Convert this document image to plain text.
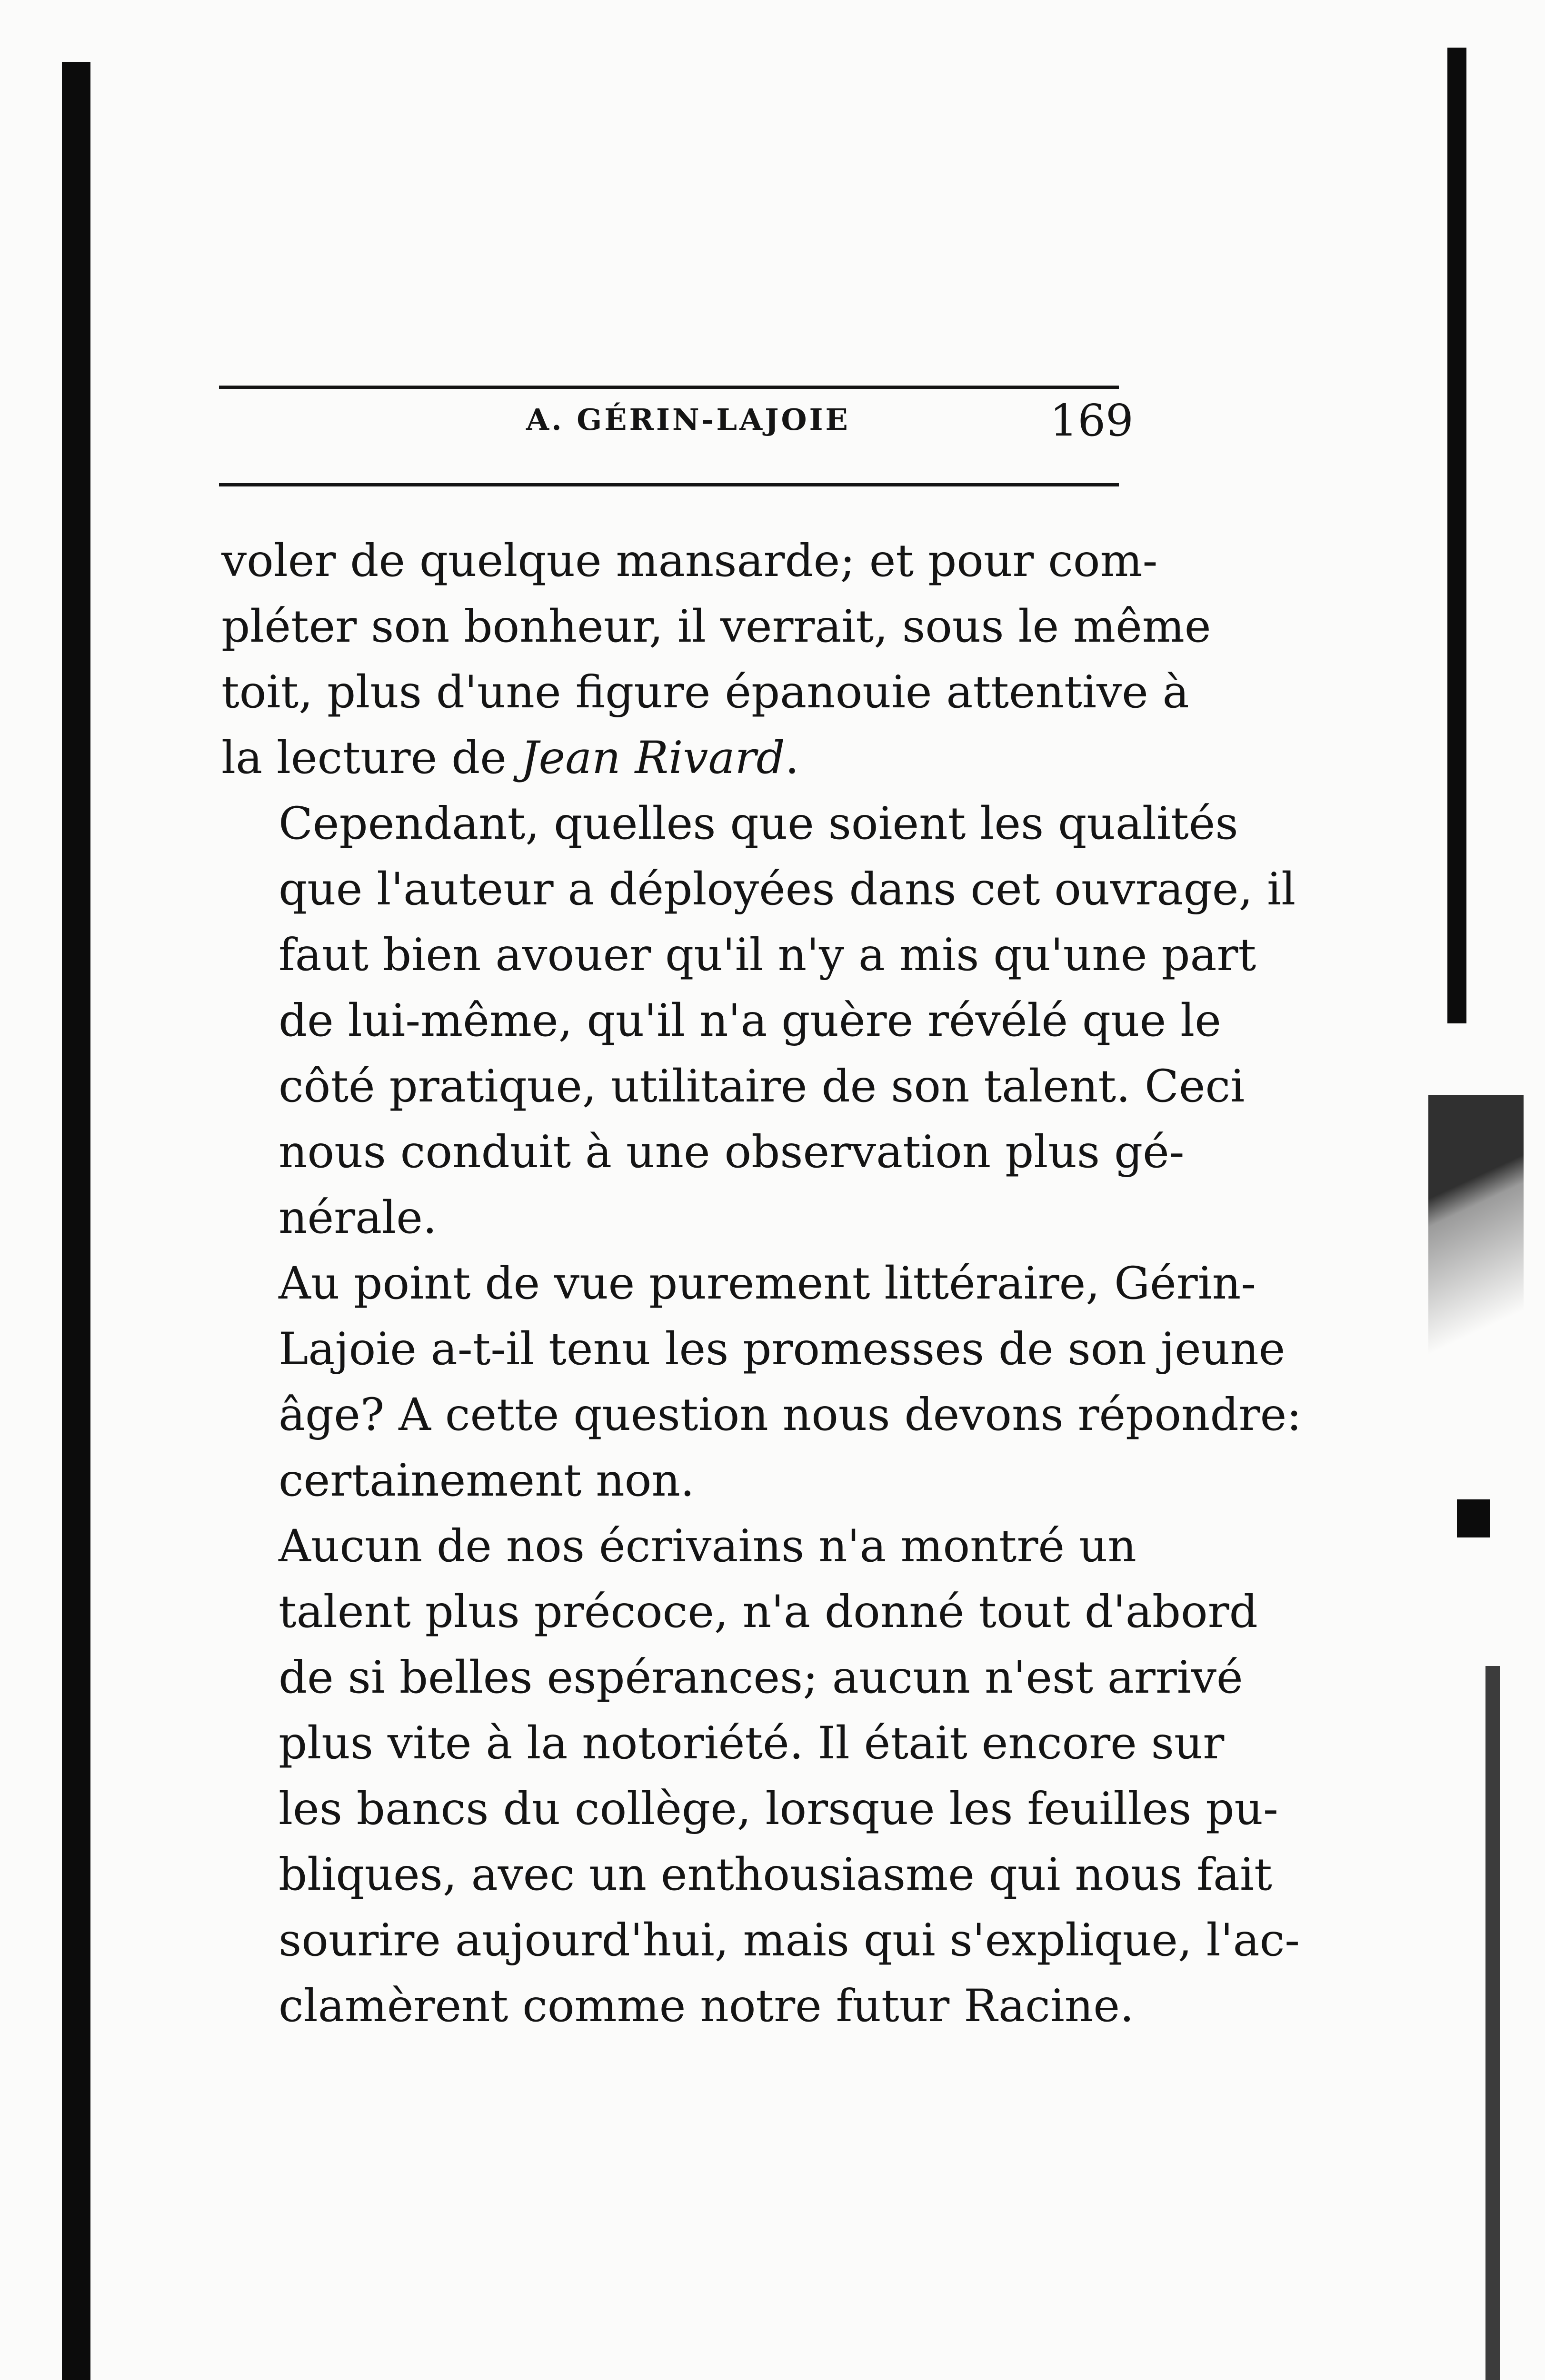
A. GÉRIN-LAJOIE	169

voler de quelque mansarde; et pour com-
pléter son bonheur, il verrait, sous le même
toit, plus d'une figure épanouie attentive à
la lecture de Jean Rivard.

Cependant, quelles que soient les qualités
que l'auteur a déployées dans cet ouvrage, il
faut bien avouer qu'il n'y a mis qu'une part
de lui-même, qu'il n'a guère révélé que le
côté pratique, utilitaire de son talent. Ceci
nous conduit à une observation plus gé-
nérale.

Au point de vue purement littéraire, Gérin-
Lajoie a-t-il tenu les promesses de son jeune
âge? A cette question nous devons répondre:
certainement non.

Aucun de nos écrivains n'a montré un
talent plus précoce, n'a donné tout d'abord
de si belles espérances; aucun n'est arrivé
plus vite à la notoriété. Il était encore sur
les bancs du collège, lorsque les feuilles pu-
bliques, avec un enthousiasme qui nous fait
sourire aujourd'hui, mais qui s'explique, l'ac-
clamèrent comme notre futur Racine.
